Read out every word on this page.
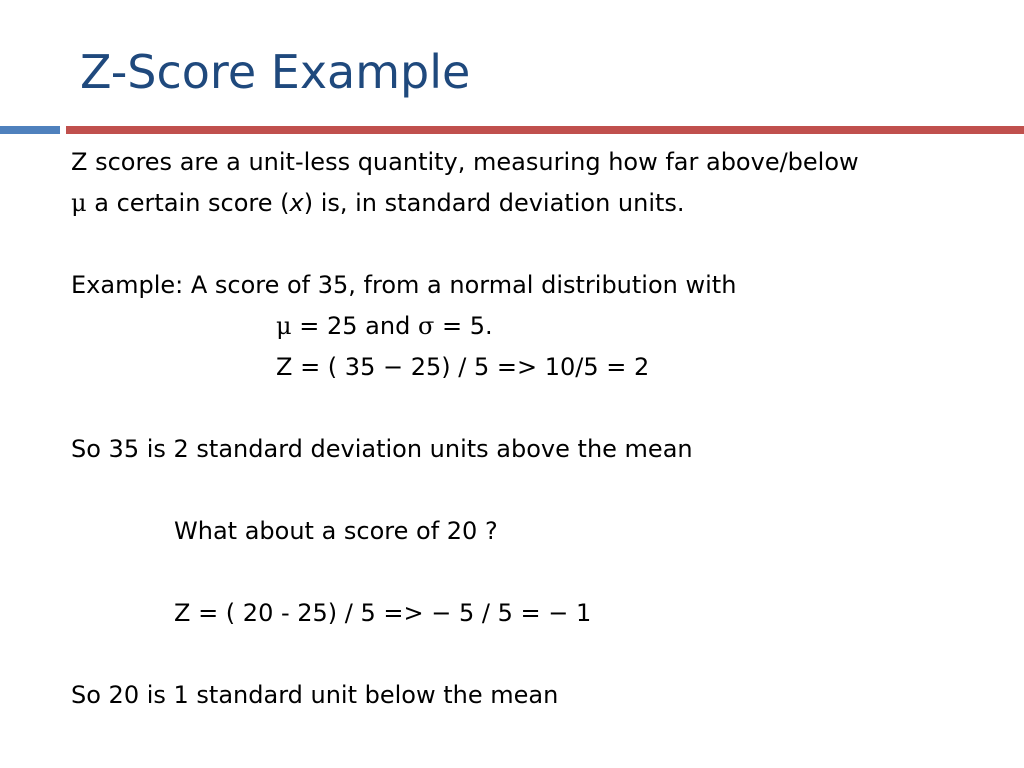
Z-Score Example
Z scores are a unit-less quantity, measuring how far above/below
μ a certain score (x) is, in standard deviation units.
Example: A score of 35, from a normal distribution with
μ = 25 and σ = 5.
Z = ( 35 − 25) / 5 => 10/5 = 2
So 35 is 2 standard deviation units above the mean
What about a score of 20 ?
Z = ( 20 - 25) / 5 => − 5 / 5 = − 1
So 20 is 1 standard unit below the mean
